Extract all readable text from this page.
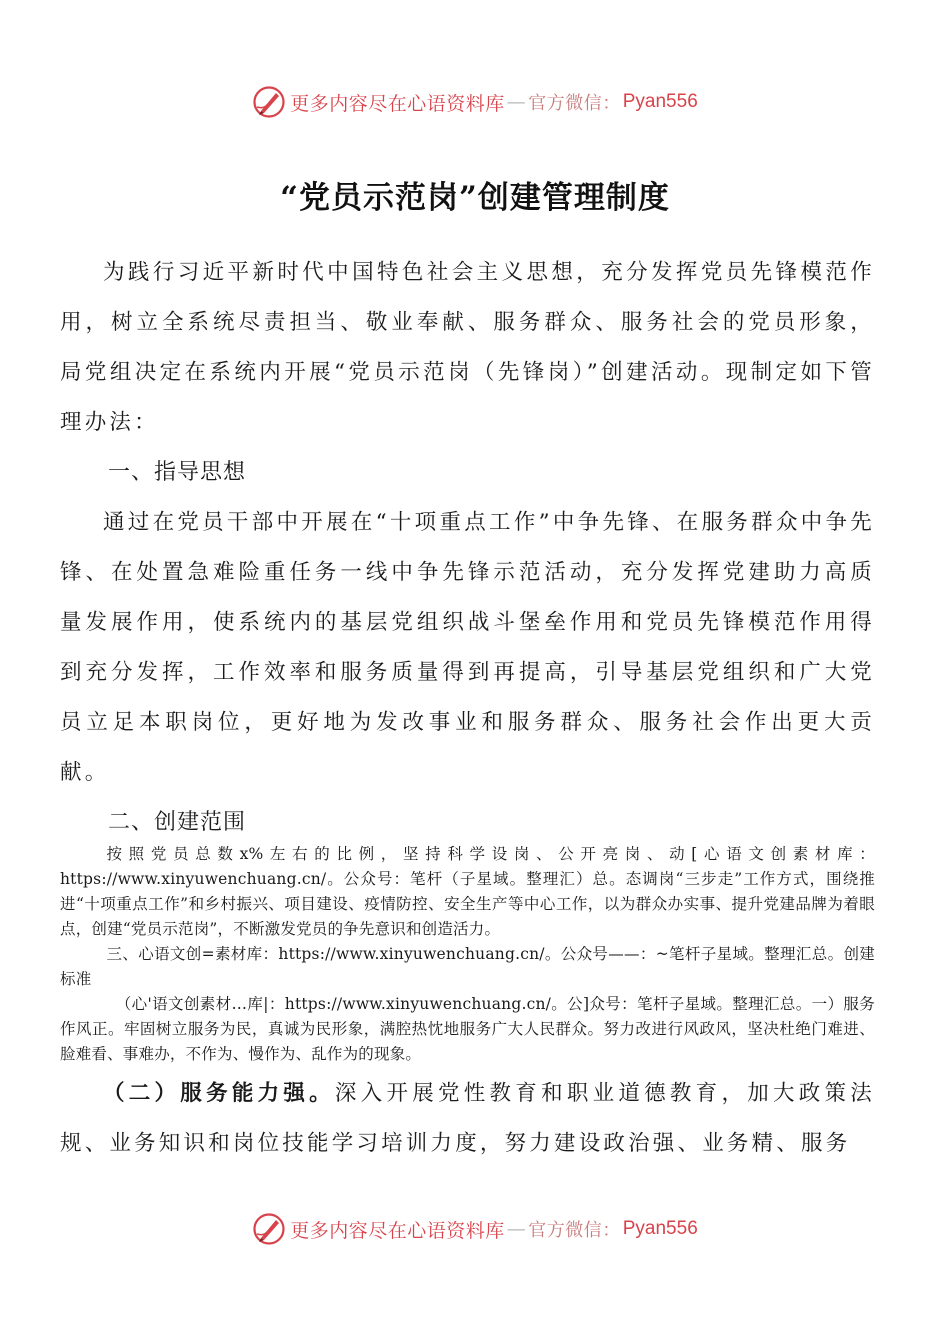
更多内容尽在心语资料库 — 官方微信： Pyan556
“党员示范岗”创建管理制度

为践行习近平新时代中国特色社会主义思想，充分发挥党员先锋模范作用，树立全系统尽责担当、敬业奉献、服务群众、服务社会的党员形象，局党组决定在系统内开展“党员示范岗（先锋岗）”创建活动。现制定如下管理办法：

一、指导思想

通过在党员干部中开展在“十项重点工作”中争先锋、在服务群众中争先锋、在处置急难险重任务一线中争先锋示范活动，充分发挥党建助力高质量发展作用，使系统内的基层党组织战斗堡垒作用和党员先锋模范作用得到充分发挥，工作效率和服务质量得到再提高，引导基层党组织和广大党员立足本职岗位，更好地为发改事业和服务群众、服务社会作出更大贡献。

二、创建范围

按照党员总数x%左右的比例，坚持科学设岗、公开亮岗、动[心语文创素材库：https://www.xinyuwenchuang.cn/。公众号：笔杆（子星域。整理汇）总。态调岗“三步走”工作方式，围绕推进“十项重点工作”和乡村振兴、项目建设、疫情防控、安全生产等中心工作，以为群众办实事、提升党建品牌为着眼点，创建“党员示范岗”，不断激发党员的争先意识和创造活力。

三、心语文创=素材库：https://www.xinyuwenchuang.cn/。公众号——：~笔杆子星域。整理汇总。创建标准

（心'语文创素材…库|：https://www.xinyuwenchuang.cn/。公]众号：笔杆子星域。整理汇总。一）服务作风正。牢固树立服务为民，真诚为民形象，满腔热忱地服务广大人民群众。努力改进行风政风，坚决杜绝门难进、脸难看、事难办，不作为、慢作为、乱作为的现象。

（二）服务能力强。深入开展党性教育和职业道德教育，加大政策法规、业务知识和岗位技能学习培训力度，努力建设政治强、业务精、服务

更多内容尽在心语资料库 — 官方微信： Pyan556
